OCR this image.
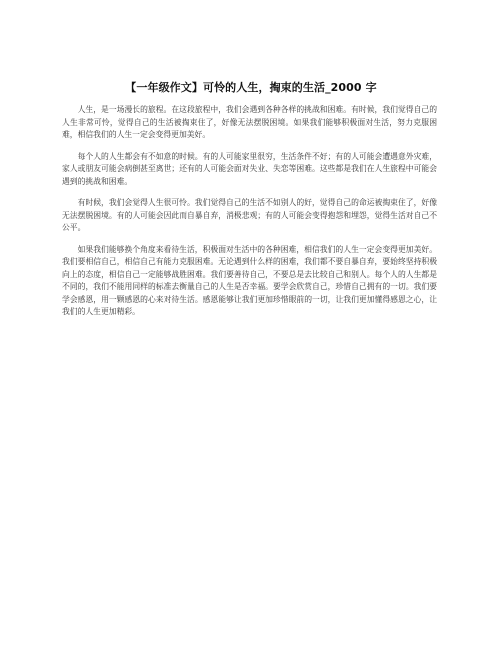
【一年级作文】可怜的人生，掏束的生活_2000 字

人生，是一场漫长的旅程。在这段旅程中，我们会遇到各种各样的挑战和困难。有时候，我们觉得自己的人生非常可怜，觉得自己的生活被掏束住了，好像无法摆脱困境。如果我们能够积极面对生活，努力克服困难，相信我们的人生一定会变得更加美好。

每个人的人生都会有不如意的时候。有的人可能家里很穷，生活条件不好；有的人可能会遭遇意外灾难，家人或朋友可能会病倒甚至离世；还有的人可能会面对失业、失恋等困难。这些都是我们在人生旅程中可能会遇到的挑战和困难。

有时候，我们会觉得人生很可怜。我们觉得自己的生活不如别人的好，觉得自己的命运被掏束住了，好像无法摆脱困境。有的人可能会因此而自暴自弃，消极悲观；有的人可能会变得抱怨和埋怨，觉得生活对自己不公平。

如果我们能够换个角度来看待生活，积极面对生活中的各种困难，相信我们的人生一定会变得更加美好。我们要相信自己，相信自己有能力克服困难。无论遇到什么样的困难，我们都不要自暴自弃，要始终坚持积极向上的态度，相信自己一定能够战胜困难。我们要善待自己，不要总是去比较自己和别人。每个人的人生都是不同的，我们不能用同样的标准去衡量自己的人生是否幸福。要学会欣赏自己，珍惜自己拥有的一切。我们要学会感恩，用一颗感恩的心来对待生活。感恩能够让我们更加珍惜眼前的一切，让我们更加懂得感恩之心，让我们的人生更加精彩。
